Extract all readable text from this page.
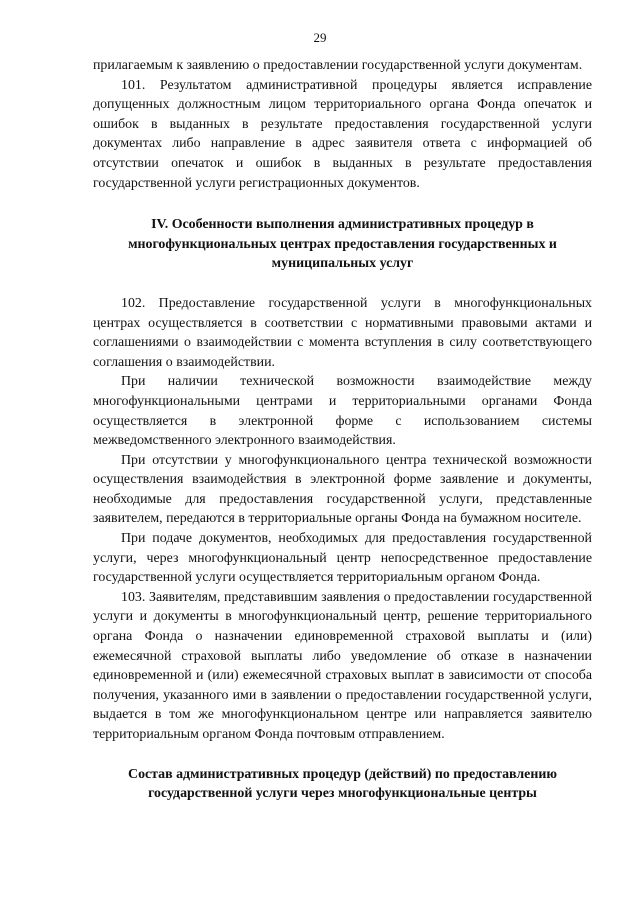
29

прилагаемым к заявлению о предоставлении государственной услуги документам.

101. Результатом административной процедуры является исправление допущенных должностным лицом территориального органа Фонда опечаток и ошибок в выданных в результате предоставления государственной услуги документах либо направление в адрес заявителя ответа с информацией об отсутствии опечаток и ошибок в выданных в результате предоставления государственной услуги регистрационных документов.

IV. Особенности выполнения административных процедур в многофункциональных центрах предоставления государственных и муниципальных услуг

102. Предоставление государственной услуги в многофункциональных центрах осуществляется в соответствии с нормативными правовыми актами и соглашениями о взаимодействии с момента вступления в силу соответствующего соглашения о взаимодействии.

При наличии технической возможности взаимодействие между многофункциональными центрами и территориальными органами Фонда осуществляется в электронной форме с использованием системы межведомственного электронного взаимодействия.

При отсутствии у многофункционального центра технической возможности осуществления взаимодействия в электронной форме заявление и документы, необходимые для предоставления государственной услуги, представленные заявителем, передаются в территориальные органы Фонда на бумажном носителе.

При подаче документов, необходимых для предоставления государственной услуги, через многофункциональный центр непосредственное предоставление государственной услуги осуществляется территориальным органом Фонда.

103. Заявителям, представившим заявления о предоставлении государственной услуги и документы в многофункциональный центр, решение территориального органа Фонда о назначении единовременной страховой выплаты и (или) ежемесячной страховой выплаты либо уведомление об отказе в назначении единовременной и (или) ежемесячной страховых выплат в зависимости от способа получения, указанного ими в заявлении о предоставлении государственной услуги, выдается в том же многофункциональном центре или направляется заявителю территориальным органом Фонда почтовым отправлением.

Состав административных процедур (действий) по предоставлению государственной услуги через многофункциональные центры
